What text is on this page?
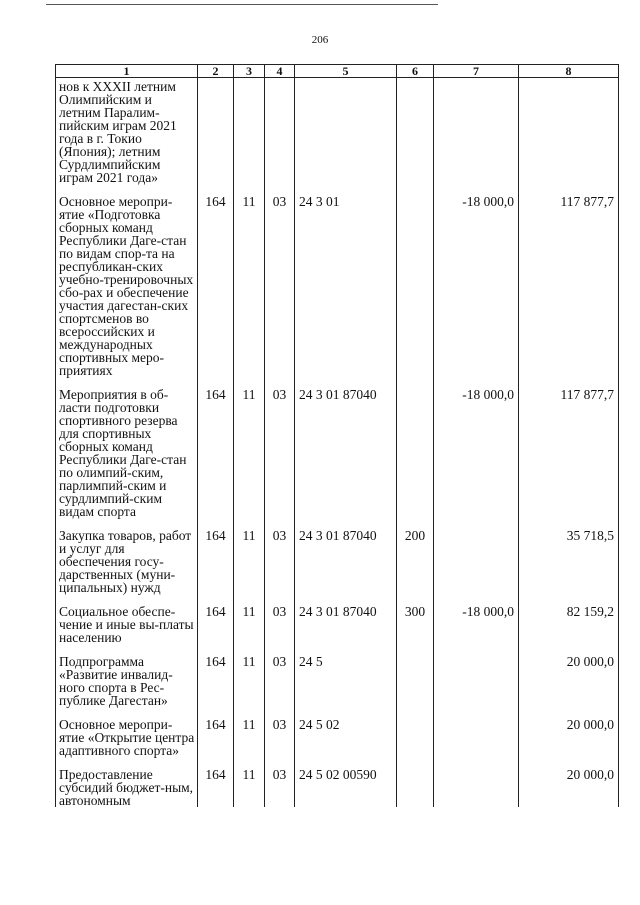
206
1	2	3	4	5	6	7	8
нов к XXXII летним Олимпийским и летним Паралим-пийским играм 2021 года в г. Токио (Япония); летним Сурдлимпийским играм 2021 года»							
Основное меропри-ятие «Подготовка сборных команд Республики Даге-стан по видам спор-та на республикан-ских учебно-тренировочных сбо-рах и обеспечение участия дагестан-ских спортсменов во всероссийских и международных спортивных меро-приятиях	164	11	03	24 3 01		-18 000,0	117 877,7
Мероприятия в об-ласти подготовки спортивного резерва для спортивных сборных команд Республики Даге-стан по олимпий-ским, парлимпий-ским и сурдлимпий-ским видам спорта	164	11	03	24 3 01 87040		-18 000,0	117 877,7
Закупка товаров, работ и услуг для обеспечения госу-дарственных (муни-ципальных) нужд	164	11	03	24 3 01 87040	200		35 718,5
Социальное обеспе-чение и иные вы-платы населению	164	11	03	24 3 01 87040	300	-18 000,0	82 159,2
Подпрограмма «Развитие инвалид-ного спорта в Рес-публике Дагестан»	164	11	03	24 5			20 000,0
Основное меропри-ятие «Открытие центра адаптивного спорта»	164	11	03	24 5 02			20 000,0
Предоставление субсидий бюджет-ным, автономным	164	11	03	24 5 02 00590			20 000,0
